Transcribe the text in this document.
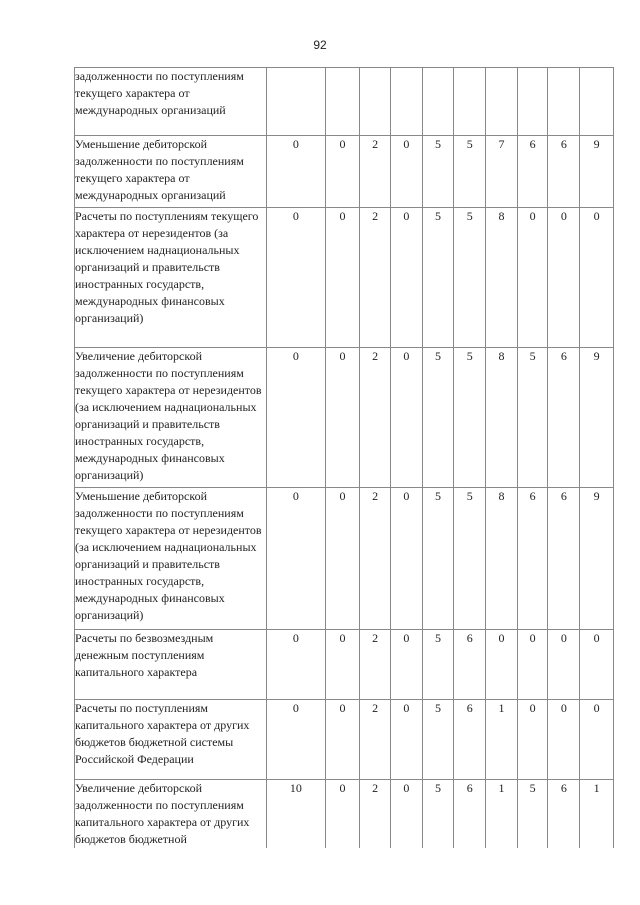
92
задолженности по поступлениям текущего характера от международных организаций										
Уменьшение дебиторской задолженности по поступлениям текущего характера от международных организаций	0	0	2	0	5	5	7	6	6	9
Расчеты по поступлениям текущего характера от нерезидентов (за исключением наднациональных организаций и правительств иностранных государств, международных финансовых организаций)	0	0	2	0	5	5	8	0	0	0
Увеличение дебиторской задолженности по поступлениям текущего характера от нерезидентов (за исключением наднациональных организаций и правительств иностранных государств, международных финансовых организаций)	0	0	2	0	5	5	8	5	6	9
Уменьшение дебиторской задолженности по поступлениям текущего характера от нерезидентов (за исключением наднациональных организаций и правительств иностранных государств, международных финансовых организаций)	0	0	2	0	5	5	8	6	6	9
Расчеты по безвозмездным денежным поступлениям капитального характера	0	0	2	0	5	6	0	0	0	0
Расчеты по поступлениям капитального характера от других бюджетов бюджетной системы Российской Федерации	0	0	2	0	5	6	1	0	0	0
Увеличение дебиторской задолженности по поступлениям капитального характера от других бюджетов бюджетной	10	0	2	0	5	6	1	5	6	1
